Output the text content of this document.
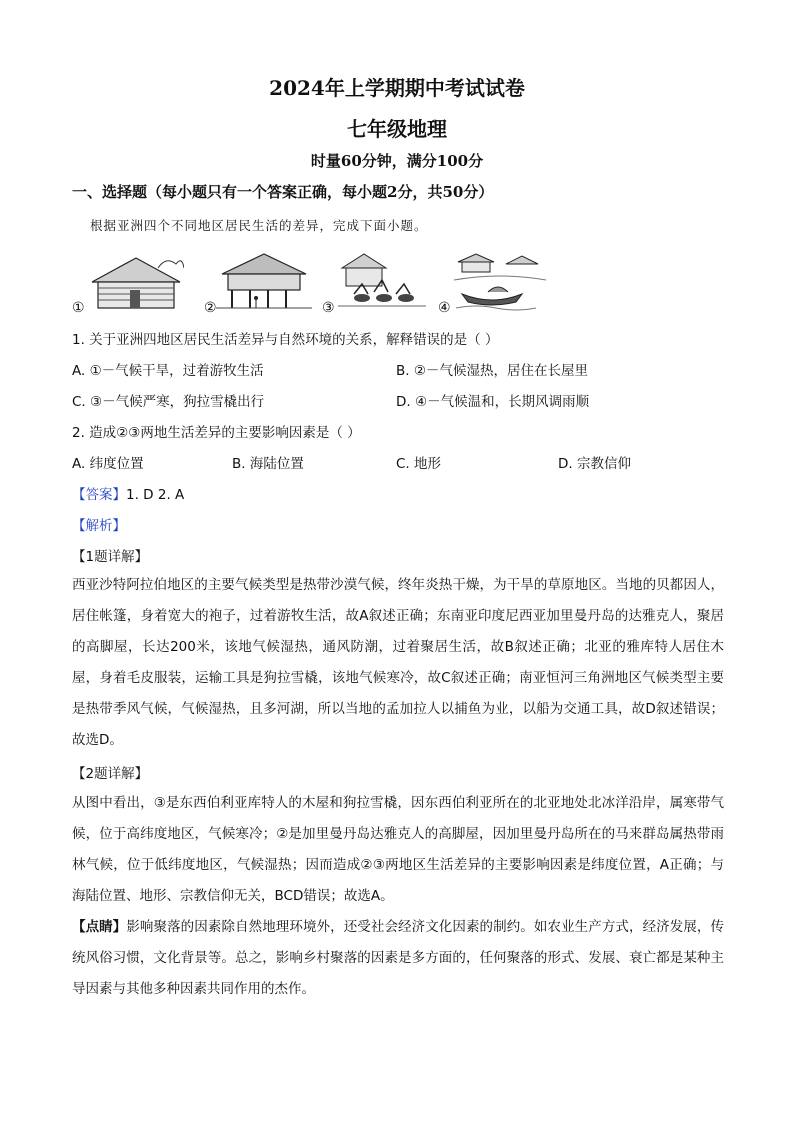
2024年上学期期中考试试卷
七年级地理
时量60分钟，满分100分
一、选择题（每小题只有一个答案正确，每小题2分，共50分）
根据亚洲四个不同地区居民生活的差异，完成下面小题。
①	②	③	④
1. 关于亚洲四地区居民生活差异与自然环境的关系，解释错误的是（ ）
A. ①－气候干旱，过着游牧生活	B. ②－气候湿热，居住在长屋里
C. ③－气候严寒，狗拉雪橇出行	D. ④－气候温和，长期风调雨顺
2. 造成②③两地生活差异的主要影响因素是（ ）
A. 纬度位置	B. 海陆位置	C. 地形	D. 宗教信仰
【答案】1. D 2. A
【解析】
【1题详解】
西亚沙特阿拉伯地区的主要气候类型是热带沙漠气候，终年炎热干燥，为干旱的草原地区。当地的贝都因人，居住帐篷，身着宽大的袍子，过着游牧生活，故A叙述正确；东南亚印度尼西亚加里曼丹岛的达雅克人，聚居的高脚屋，长达200米，该地气候湿热，通风防潮，过着聚居生活，故B叙述正确；北亚的雅库特人居住木屋，身着毛皮服装，运输工具是狗拉雪橇，该地气候寒冷，故C叙述正确；南亚恒河三角洲地区气候类型主要是热带季风气候，气候湿热，且多河湖，所以当地的孟加拉人以捕鱼为业，以船为交通工具，故D叙述错误；故选D。
【2题详解】
从图中看出，③是东西伯利亚库特人的木屋和狗拉雪橇，因东西伯利亚所在的北亚地处北冰洋沿岸，属寒带气候，位于高纬度地区，气候寒冷；②是加里曼丹岛达雅克人的高脚屋，因加里曼丹岛所在的马来群岛属热带雨林气候，位于低纬度地区，气候湿热；因而造成②③两地区生活差异的主要影响因素是纬度位置，A正确；与海陆位置、地形、宗教信仰无关，BCD错误；故选A。
【点睛】影响聚落的因素除自然地理环境外，还受社会经济文化因素的制约。如农业生产方式，经济发展，传统风俗习惯，文化背景等。总之，影响乡村聚落的因素是多方面的，任何聚落的形式、发展、衰亡都是某种主导因素与其他多种因素共同作用的杰作。
